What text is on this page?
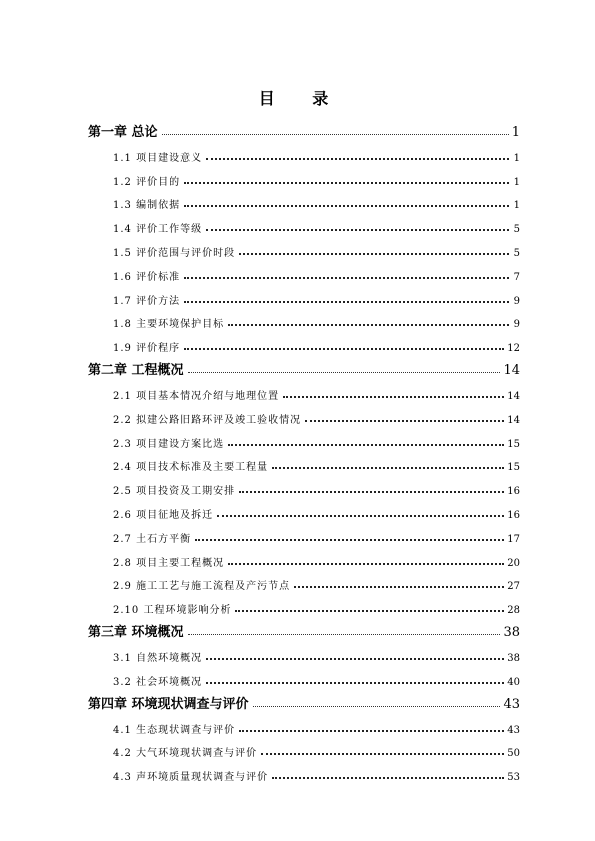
目 录
第一章 总论	1
1.1 项目建设意义	1
1.2 评价目的	1
1.3 编制依据	1
1.4 评价工作等级	5
1.5 评价范围与评价时段	5
1.6 评价标准	7
1.7 评价方法	9
1.8 主要环境保护目标	9
1.9 评价程序	12
第二章 工程概况	14
2.1 项目基本情况介绍与地理位置	14
2.2 拟建公路旧路环评及竣工验收情况	14
2.3 项目建设方案比选	15
2.4 项目技术标准及主要工程量	15
2.5 项目投资及工期安排	16
2.6 项目征地及拆迁	16
2.7 土石方平衡	17
2.8 项目主要工程概况	20
2.9 施工工艺与施工流程及产污节点	27
2.10 工程环境影响分析	28
第三章 环境概况	38
3.1 自然环境概况	38
3.2 社会环境概况	40
第四章 环境现状调查与评价	43
4.1 生态现状调查与评价	43
4.2 大气环境现状调查与评价	50
4.3 声环境质量现状调查与评价	53
